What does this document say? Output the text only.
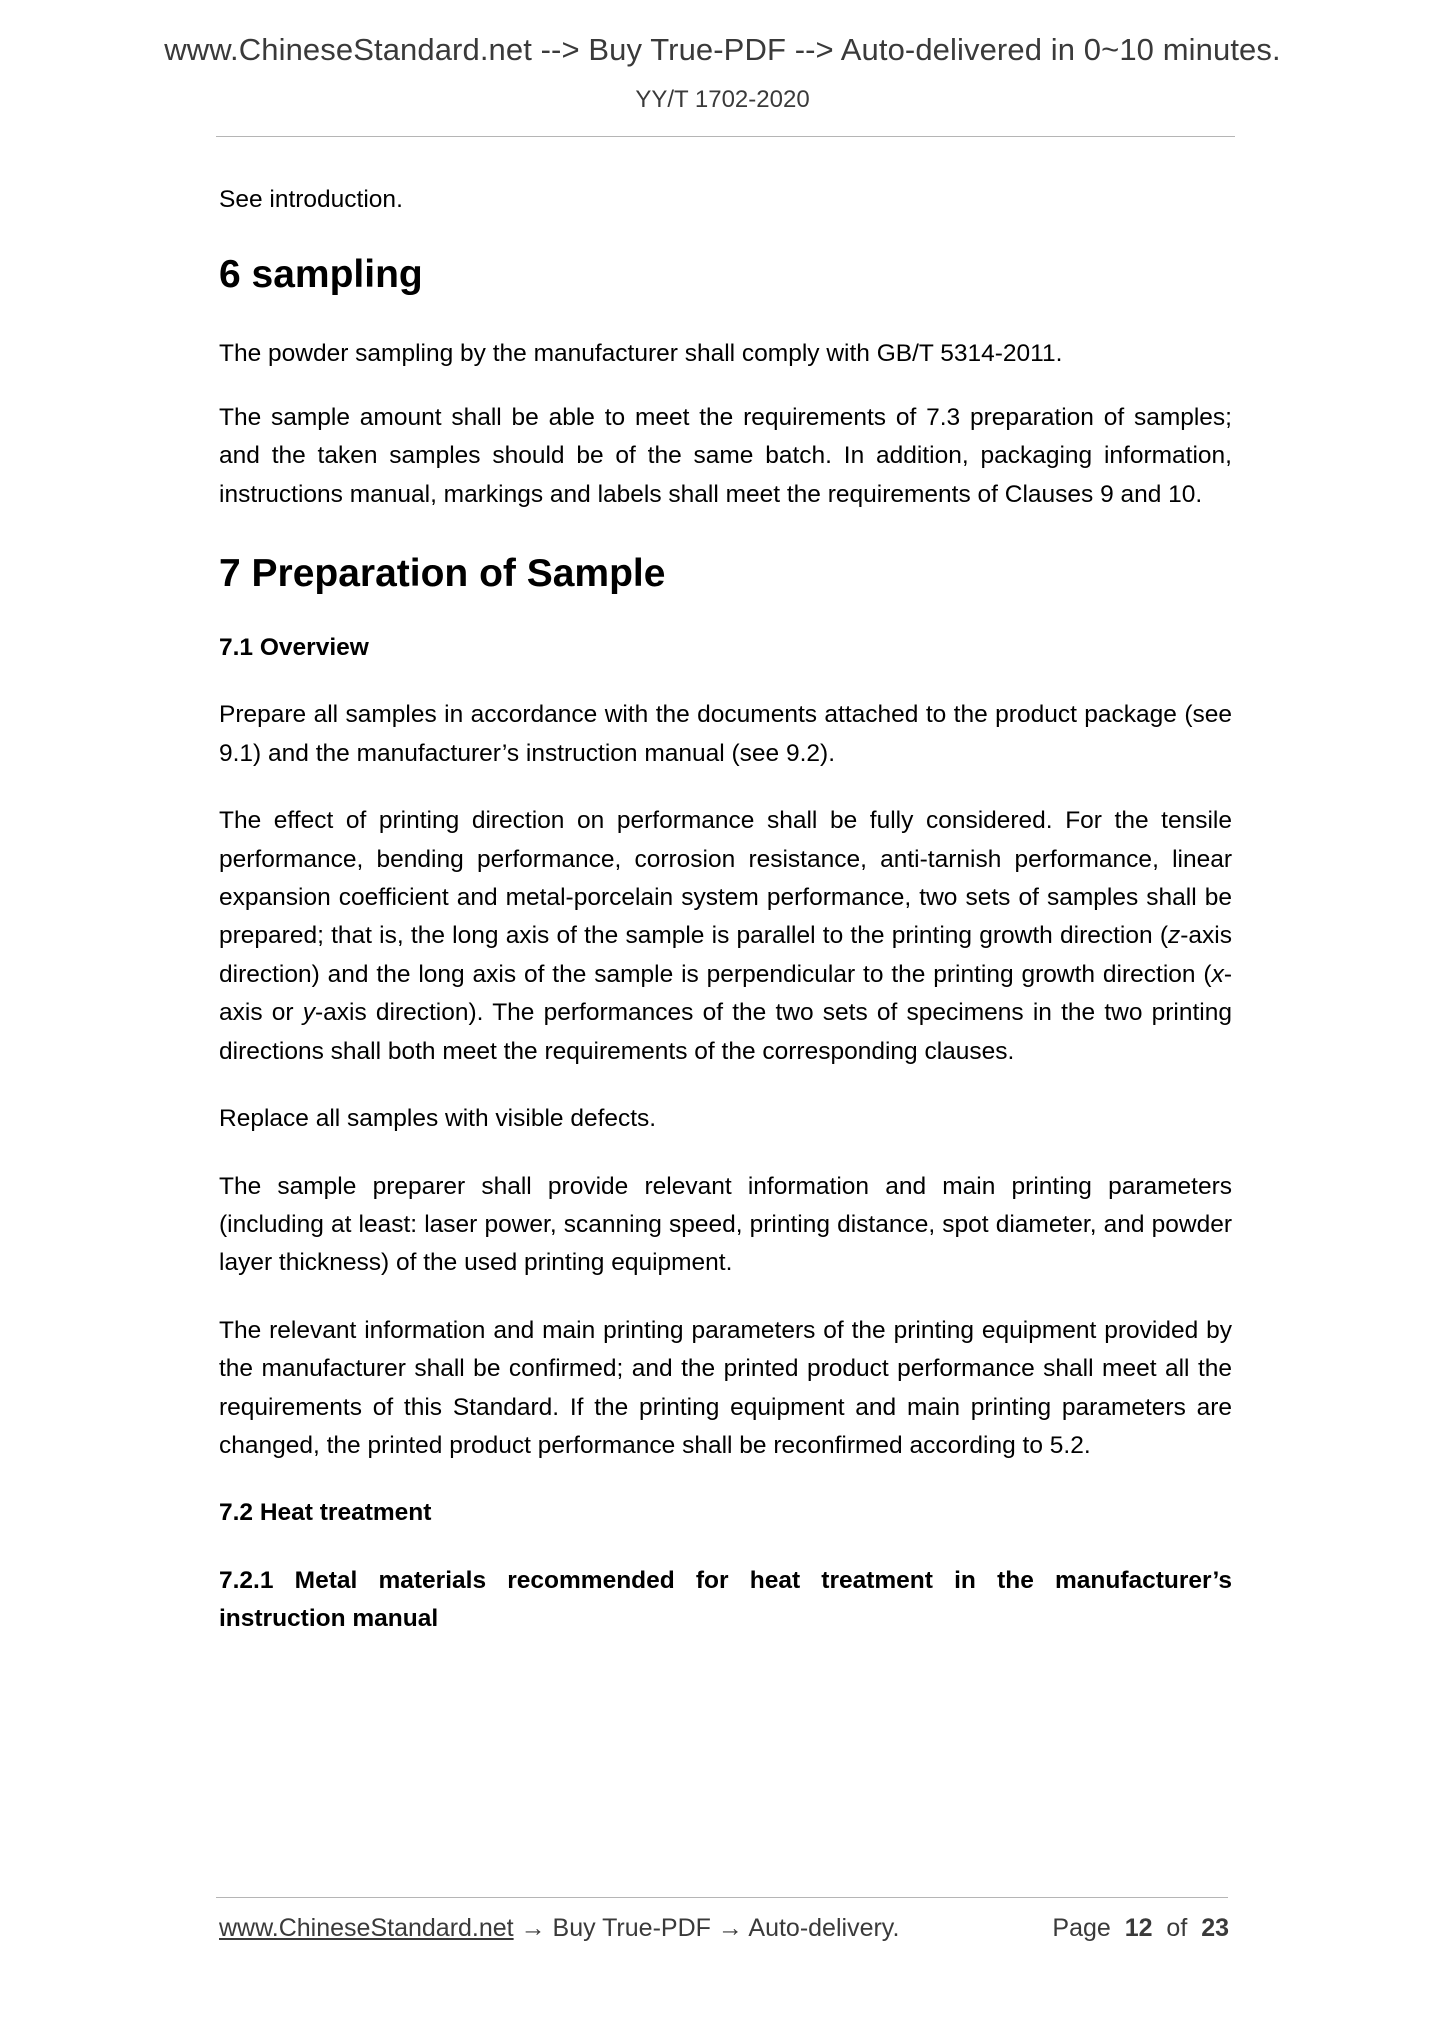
www.ChineseStandard.net --> Buy True-PDF --> Auto-delivered in 0~10 minutes.
YY/T 1702-2020

See introduction.

6 sampling

The powder sampling by the manufacturer shall comply with GB/T 5314-2011.

The sample amount shall be able to meet the requirements of 7.3 preparation of samples; and the taken samples should be of the same batch. In addition, packaging information, instructions manual, markings and labels shall meet the requirements of Clauses 9 and 10.

7 Preparation of Sample
7.1 Overview

Prepare all samples in accordance with the documents attached to the product package (see 9.1) and the manufacturer’s instruction manual (see 9.2).

The effect of printing direction on performance shall be fully considered. For the tensile performance, bending performance, corrosion resistance, anti-tarnish performance, linear expansion coefficient and metal-porcelain system performance, two sets of samples shall be prepared; that is, the long axis of the sample is parallel to the printing growth direction (z-axis direction) and the long axis of the sample is perpendicular to the printing growth direction (x-axis or y-axis direction). The performances of the two sets of specimens in the two printing directions shall both meet the requirements of the corresponding clauses.

Replace all samples with visible defects.

The sample preparer shall provide relevant information and main printing parameters (including at least: laser power, scanning speed, printing distance, spot diameter, and powder layer thickness) of the used printing equipment.

The relevant information and main printing parameters of the printing equipment provided by the manufacturer shall be confirmed; and the printed product performance shall meet all the requirements of this Standard. If the printing equipment and main printing parameters are changed, the printed product performance shall be reconfirmed according to 5.2.

7.2 Heat treatment
7.2.1 Metal materials recommended for heat treatment in the manufacturer’s instruction manual
www.ChineseStandard.net → Buy True-PDF → Auto-delivery.	Page 12 of 23
